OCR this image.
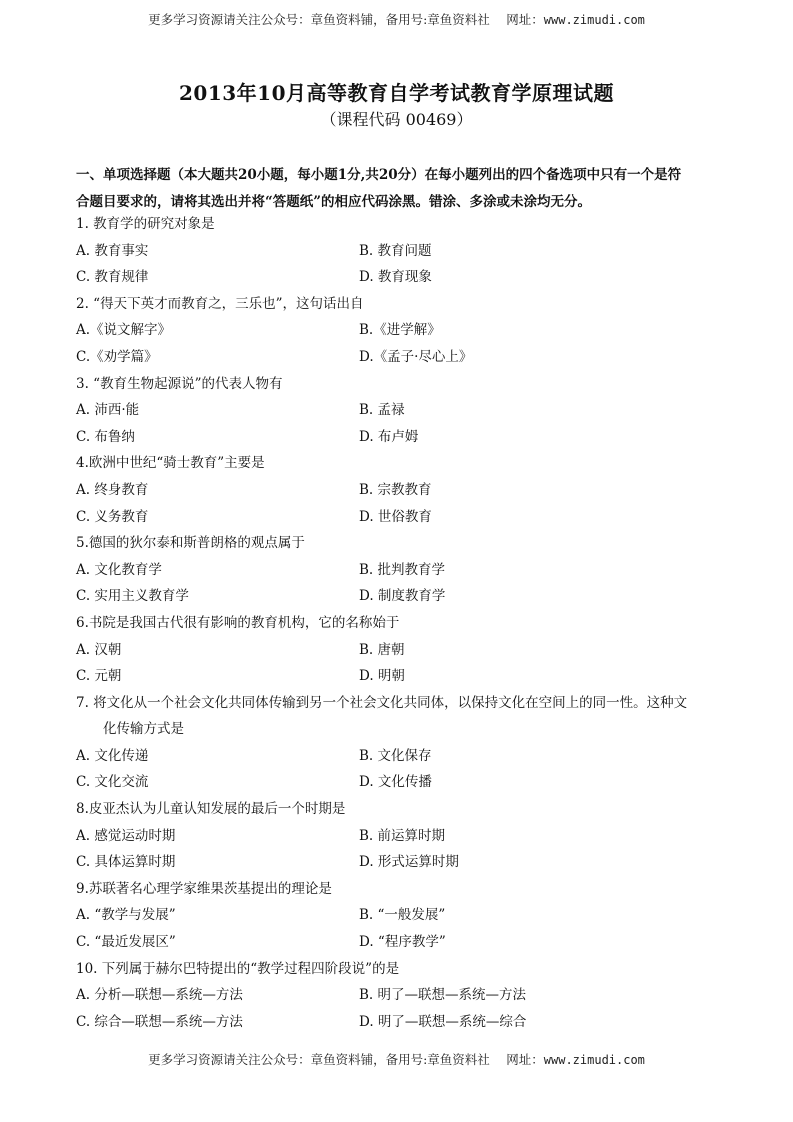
更多学习资源请关注公众号：章鱼资料铺，备用号:章鱼资料社　 网址：www.zimudi.com
2013年10月高等教育自学考试教育学原理试题
（课程代码 00469）
一、单项选择题（本大题共20小题，每小题1分,共20分）在每小题列出的四个备选项中只有一个是符
合题目要求的，请将其选出并将“答题纸”的相应代码涂黑。错涂、多涂或未涂均无分。
1. 教育学的研究对象是
A. 教育事实	B. 教育问题
C. 教育规律	D. 教育现象
2. “得天下英才而教育之，三乐也”，这句话出自
A.《说文解字》	B.《进学解》
C.《劝学篇》	D.《孟子·尽心上》
3. “教育生物起源说”的代表人物有
A. 沛西·能	B. 孟禄
C. 布鲁纳	D. 布卢姆
4.欧洲中世纪“骑士教育”主要是
A. 终身教育	B. 宗教教育
C. 义务教育	D. 世俗教育
5.德国的狄尔泰和斯普朗格的观点属于
A. 文化教育学	B. 批判教育学
C. 实用主义教育学	D. 制度教育学
6.书院是我国古代很有影响的教育机构，它的名称始于
A. 汉朝	B. 唐朝
C. 元朝	D. 明朝
7. 将文化从一个社会文化共同体传输到另一个社会文化共同体，以保持文化在空间上的同一性。这种文
化传输方式是
A. 文化传递	B. 文化保存
C. 文化交流	D. 文化传播
8.皮亚杰认为儿童认知发展的最后一个时期是
A. 感觉运动时期	B. 前运算时期
C. 具体运算时期	D. 形式运算时期
9.苏联著名心理学家维果茨基提出的理论是
A. “教学与发展”	B. “一般发展”
C. “最近发展区”	D. “程序教学”
10. 下列属于赫尔巴特提出的“教学过程四阶段说”的是
A. 分析—联想—系统—方法	B. 明了—联想—系统—方法
C. 综合—联想—系统—方法	D. 明了—联想—系统—综合
更多学习资源请关注公众号：章鱼资料铺，备用号:章鱼资料社　 网址：www.zimudi.com
